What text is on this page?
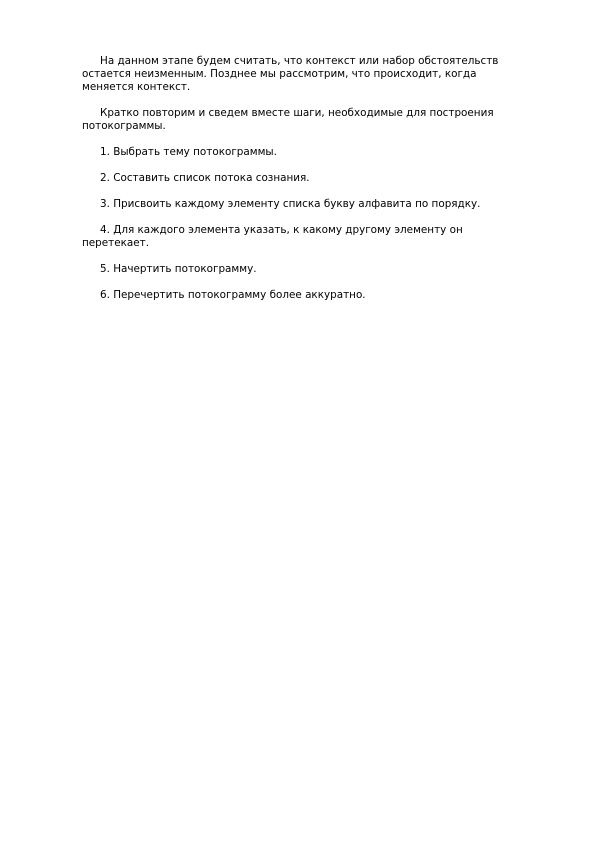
На данном этапе будем считать, что контекст или набор обстоятельств остается неизменным. Позднее мы рассмотрим, что происходит, когда меняется контекст.

Кратко повторим и сведем вместе шаги, необходимые для построения потокограммы.

1. Выбрать тему потокограммы.

2. Составить список потока сознания.

3. Присвоить каждому элементу списка букву алфавита по порядку.

4. Для каждого элемента указать, к какому другому элементу он перетекает.

5. Начертить потокограмму.

6. Перечертить потокограмму более аккуратно.
